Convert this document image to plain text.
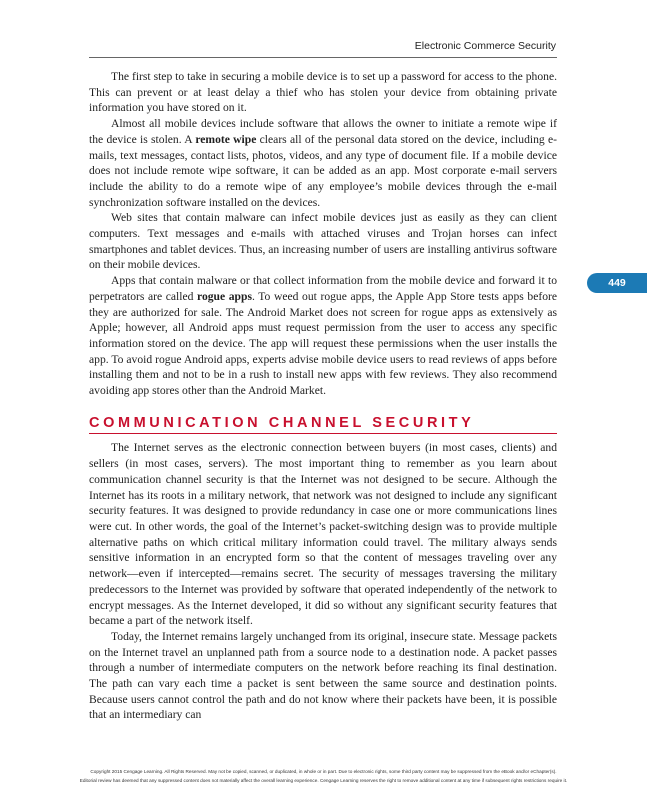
Electronic Commerce Security
449

The first step to take in securing a mobile device is to set up a password for access to the phone. This can prevent or at least delay a thief who has stolen your device from obtaining private information you have stored on it.

Almost all mobile devices include software that allows the owner to initiate a remote wipe if the device is stolen. A remote wipe clears all of the personal data stored on the device, including e-mails, text messages, contact lists, photos, videos, and any type of document file. If a mobile device does not include remote wipe software, it can be added as an app. Most corporate e-mail servers include the ability to do a remote wipe of any employee’s mobile devices through the e-mail synchronization software installed on the devices.

Web sites that contain malware can infect mobile devices just as easily as they can client computers. Text messages and e-mails with attached viruses and Trojan horses can infect smartphones and tablet devices. Thus, an increasing number of users are installing antivirus software on their mobile devices.

Apps that contain malware or that collect information from the mobile device and forward it to perpetrators are called rogue apps. To weed out rogue apps, the Apple App Store tests apps before they are authorized for sale. The Android Market does not screen for rogue apps as extensively as Apple; however, all Android apps must request permission from the user to access any specific information stored on the device. The app will request these permissions when the user installs the app. To avoid rogue Android apps, experts advise mobile device users to read reviews of apps before installing them and not to be in a rush to install new apps with few reviews. They also recommend avoiding app stores other than the Android Market.

COMMUNICATION CHANNEL SECURITY

The Internet serves as the electronic connection between buyers (in most cases, clients) and sellers (in most cases, servers). The most important thing to remember as you learn about communication channel security is that the Internet was not designed to be secure. Although the Internet has its roots in a military network, that network was not designed to include any significant security features. It was designed to provide redundancy in case one or more communications lines were cut. In other words, the goal of the Internet’s packet-switching design was to provide multiple alternative paths on which critical military information could travel. The military always sends sensitive information in an encrypted form so that the content of messages traveling over any network—even if intercepted—remains secret. The security of messages traversing the military predecessors to the Internet was provided by software that operated independently of the network to encrypt messages. As the Internet developed, it did so without any significant security features that became a part of the network itself.

Today, the Internet remains largely unchanged from its original, insecure state. Message packets on the Internet travel an unplanned path from a source node to a destination node. A packet passes through a number of intermediate computers on the network before reaching its final destination. The path can vary each time a packet is sent between the same source and destination points. Because users cannot control the path and do not know where their packets have been, it is possible that an intermediary can

Copyright 2015 Cengage Learning. All Rights Reserved. May not be copied, scanned, or duplicated, in whole or in part. Due to electronic rights, some third party content may be suppressed from the eBook and/or eChapter(s).
Editorial review has deemed that any suppressed content does not materially affect the overall learning experience. Cengage Learning reserves the right to remove additional content at any time if subsequent rights restrictions require it.
